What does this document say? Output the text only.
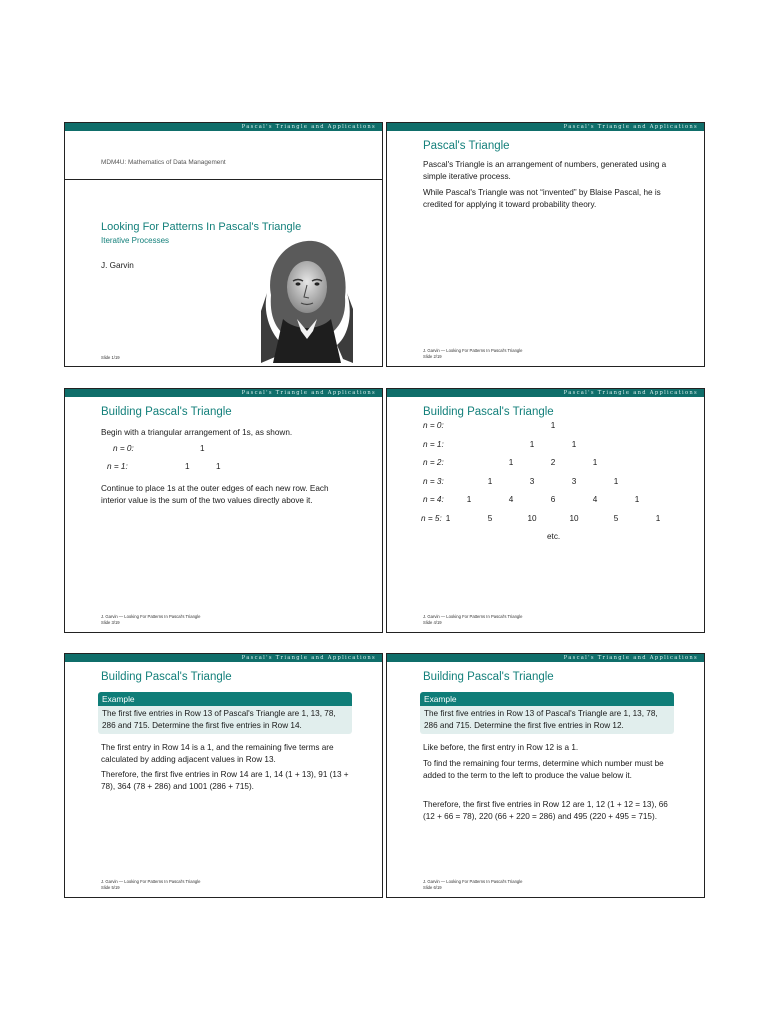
Pascal's Triangle and Applications
MDM4U: Mathematics of Data Management
Looking For Patterns In Pascal's Triangle
Iterative Processes
J. Garvin
Slide 1/19
Pascal's Triangle and Applications
Pascal's Triangle
Pascal's Triangle is an arrangement of numbers, generated using a simple iterative process.
While Pascal's Triangle was not “invented” by Blaise Pascal, he is credited for applying it toward probability theory.
J. Garvin — Looking For Patterns In Pascal's Triangle
Slide 2/19
Pascal's Triangle and Applications
Building Pascal's Triangle
Begin with a triangular arrangement of 1s, as shown.
n = 0:	1
n = 1:	1	1
Continue to place 1s at the outer edges of each new row. Each interior value is the sum of the two values directly above it.
J. Garvin — Looking For Patterns In Pascal's Triangle
Slide 3/19
Pascal's Triangle and Applications
Building Pascal's Triangle
n = 0:	1
n = 1:	1	1
n = 2:	1	2	1
n = 3:	1	3	3	1
n = 4:	1	4	6	4	1
n = 5: 1	5	10	10	5	1
etc.
J. Garvin — Looking For Patterns In Pascal's Triangle
Slide 4/19
Pascal's Triangle and Applications
Building Pascal's Triangle
Example
The first five entries in Row 13 of Pascal's Triangle are 1, 13, 78, 286 and 715. Determine the first five entries in Row 14.
The first entry in Row 14 is a 1, and the remaining five terms are calculated by adding adjacent values in Row 13.
Therefore, the first five entries in Row 14 are 1, 14 (1 + 13), 91 (13 + 78), 364 (78 + 286) and 1001 (286 + 715).
J. Garvin — Looking For Patterns In Pascal's Triangle
Slide 5/19
Pascal's Triangle and Applications
Building Pascal's Triangle
Example
The first five entries in Row 13 of Pascal's Triangle are 1, 13, 78, 286 and 715. Determine the first five entries in Row 12.
Like before, the first entry in Row 12 is a 1.
To find the remaining four terms, determine which number must be added to the term to the left to produce the value below it.
Therefore, the first five entries in Row 12 are 1, 12 (1 + 12 = 13), 66 (12 + 66 = 78), 220 (66 + 220 = 286) and 495 (220 + 495 = 715).
J. Garvin — Looking For Patterns In Pascal's Triangle
Slide 6/19
